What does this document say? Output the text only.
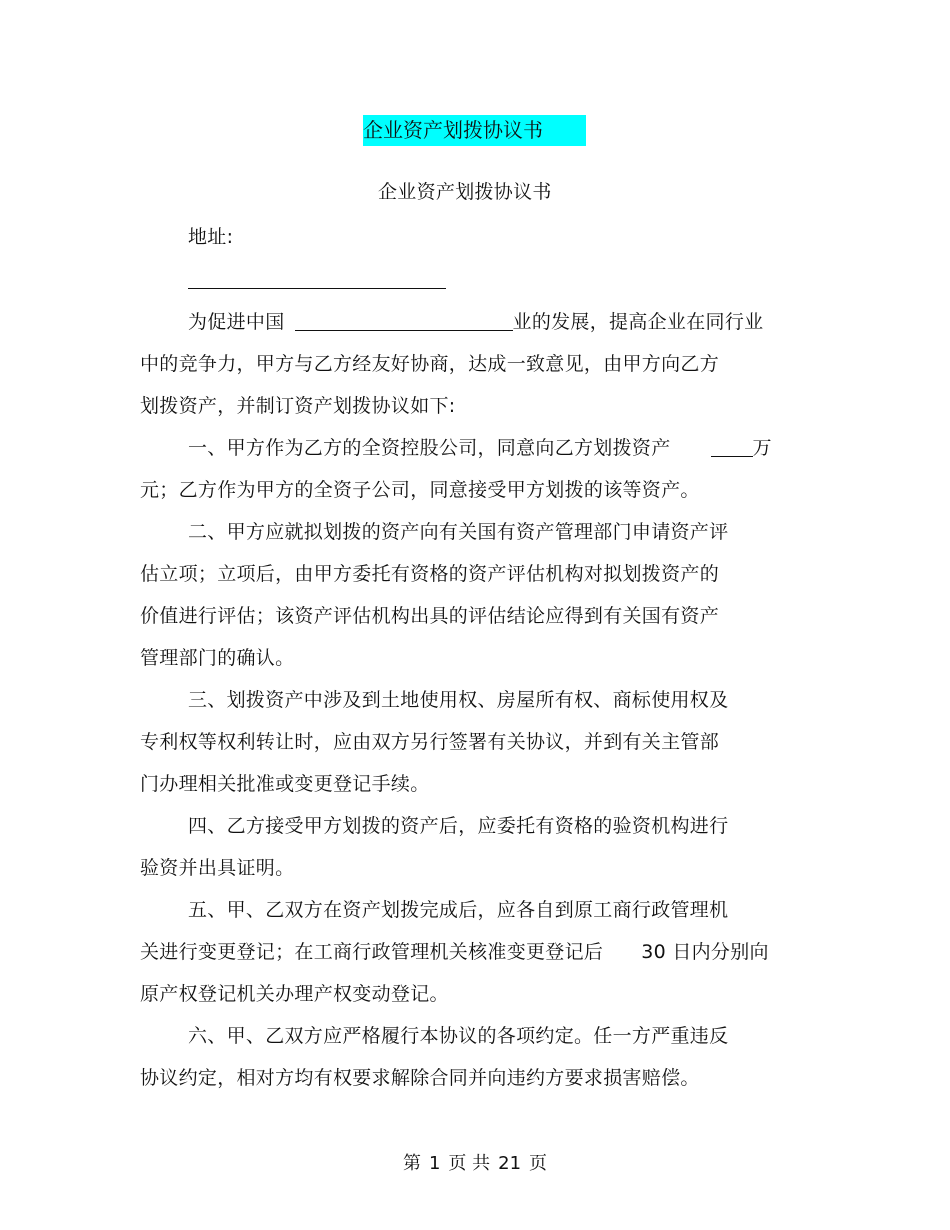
企业资产划拨协议书
企业资产划拨协议书
地址:
为促进中国	业的发展，提高企业在同行业
中的竞争力，甲方与乙方经友好协商，达成一致意见，由甲方向乙方
划拨资产，并制订资产划拨协议如下:
一、甲方作为乙方的全资控股公司，同意向乙方划拨资产	万
元；乙方作为甲方的全资子公司，同意接受甲方划拨的该等资产。
二、甲方应就拟划拨的资产向有关国有资产管理部门申请资产评
估立项；立项后，由甲方委托有资格的资产评估机构对拟划拨资产的
价值进行评估；该资产评估机构出具的评估结论应得到有关国有资产
管理部门的确认。
三、划拨资产中涉及到土地使用权、房屋所有权、商标使用权及
专利权等权利转让时，应由双方另行签署有关协议，并到有关主管部
门办理相关批准或变更登记手续。
四、乙方接受甲方划拨的资产后，应委托有资格的验资机构进行
验资并出具证明。
五、甲、乙双方在资产划拨完成后，应各自到原工商行政管理机
关进行变更登记；在工商行政管理机关核准变更登记后 30 日内分别向
原产权登记机关办理产权变动登记。
六、甲、乙双方应严格履行本协议的各项约定。任一方严重违反
协议约定，相对方均有权要求解除合同并向违约方要求损害赔偿。
第 1 页 共 21 页
